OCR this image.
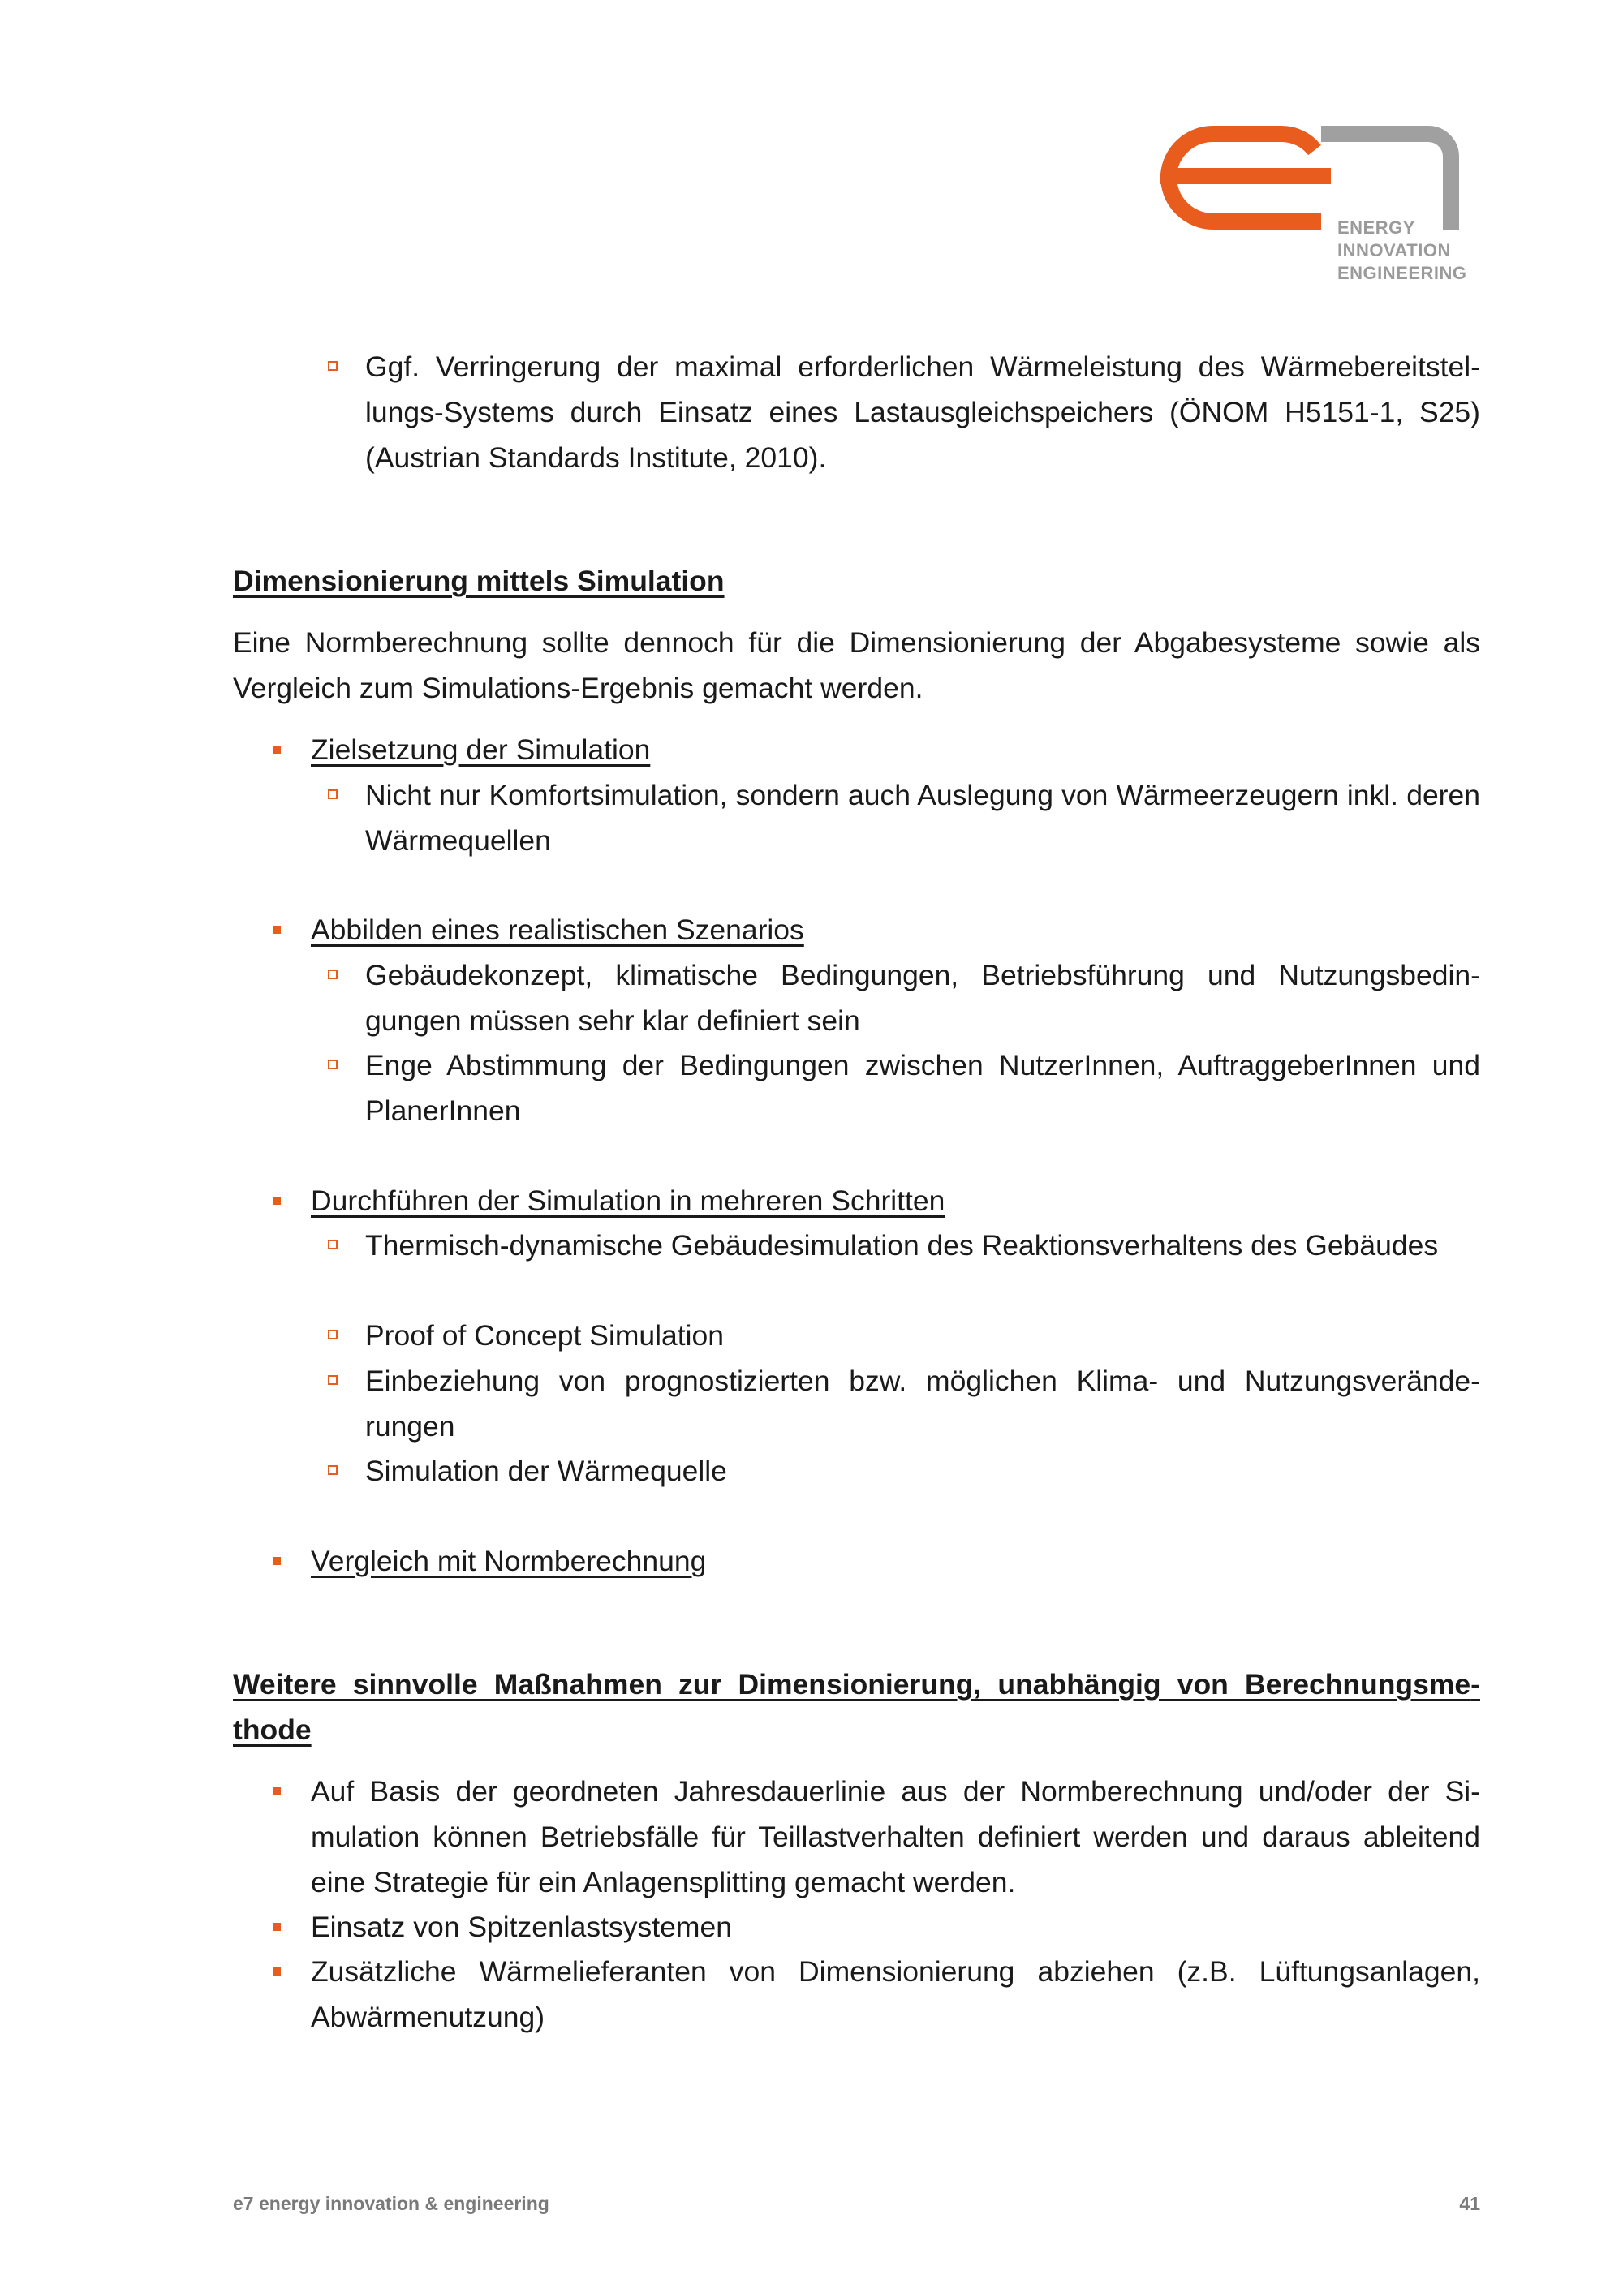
ENERGY
INNOVATION
ENGINEERING
Ggf. Verringerung der maximal erforderlichen Wärmeleistung des Wärmebereitstellungs-Systems durch Einsatz eines Lastausgleichspeichers (ÖNOM H5151-1, S25) (Austrian Standards Institute, 2010).
Dimensionierung mittels Simulation
Eine Normberechnung sollte dennoch für die Dimensionierung der Abgabesysteme sowie als Vergleich zum Simulations-Ergebnis gemacht werden.
Zielsetzung der Simulation
Nicht nur Komfortsimulation, sondern auch Auslegung von Wärmeerzeugern inkl. deren Wärmequellen
Abbilden eines realistischen Szenarios
Gebäudekonzept, klimatische Bedingungen, Betriebsführung und Nutzungsbedingungen müssen sehr klar definiert sein
Enge Abstimmung der Bedingungen zwischen NutzerInnen, AuftraggeberInnen und PlanerInnen
Durchführen der Simulation in mehreren Schritten
Thermisch-dynamische Gebäudesimulation des Reaktionsverhaltens des Gebäudes
Proof of Concept Simulation
Einbeziehung von prognostizierten bzw. möglichen Klima- und Nutzungsveränderungen
Simulation der Wärmequelle
Vergleich mit Normberechnung
Weitere sinnvolle Maßnahmen zur Dimensionierung, unabhängig von Berechnungsmethode
Auf Basis der geordneten Jahresdauerlinie aus der Normberechnung und/oder der Simulation können Betriebsfälle für Teillastverhalten definiert werden und daraus ableitend eine Strategie für ein Anlagensplitting gemacht werden.
Einsatz von Spitzenlastsystemen
Zusätzliche Wärmelieferanten von Dimensionierung abziehen (z.B. Lüftungsanlagen, Abwärmenutzung)
e7 energy innovation & engineering	41
